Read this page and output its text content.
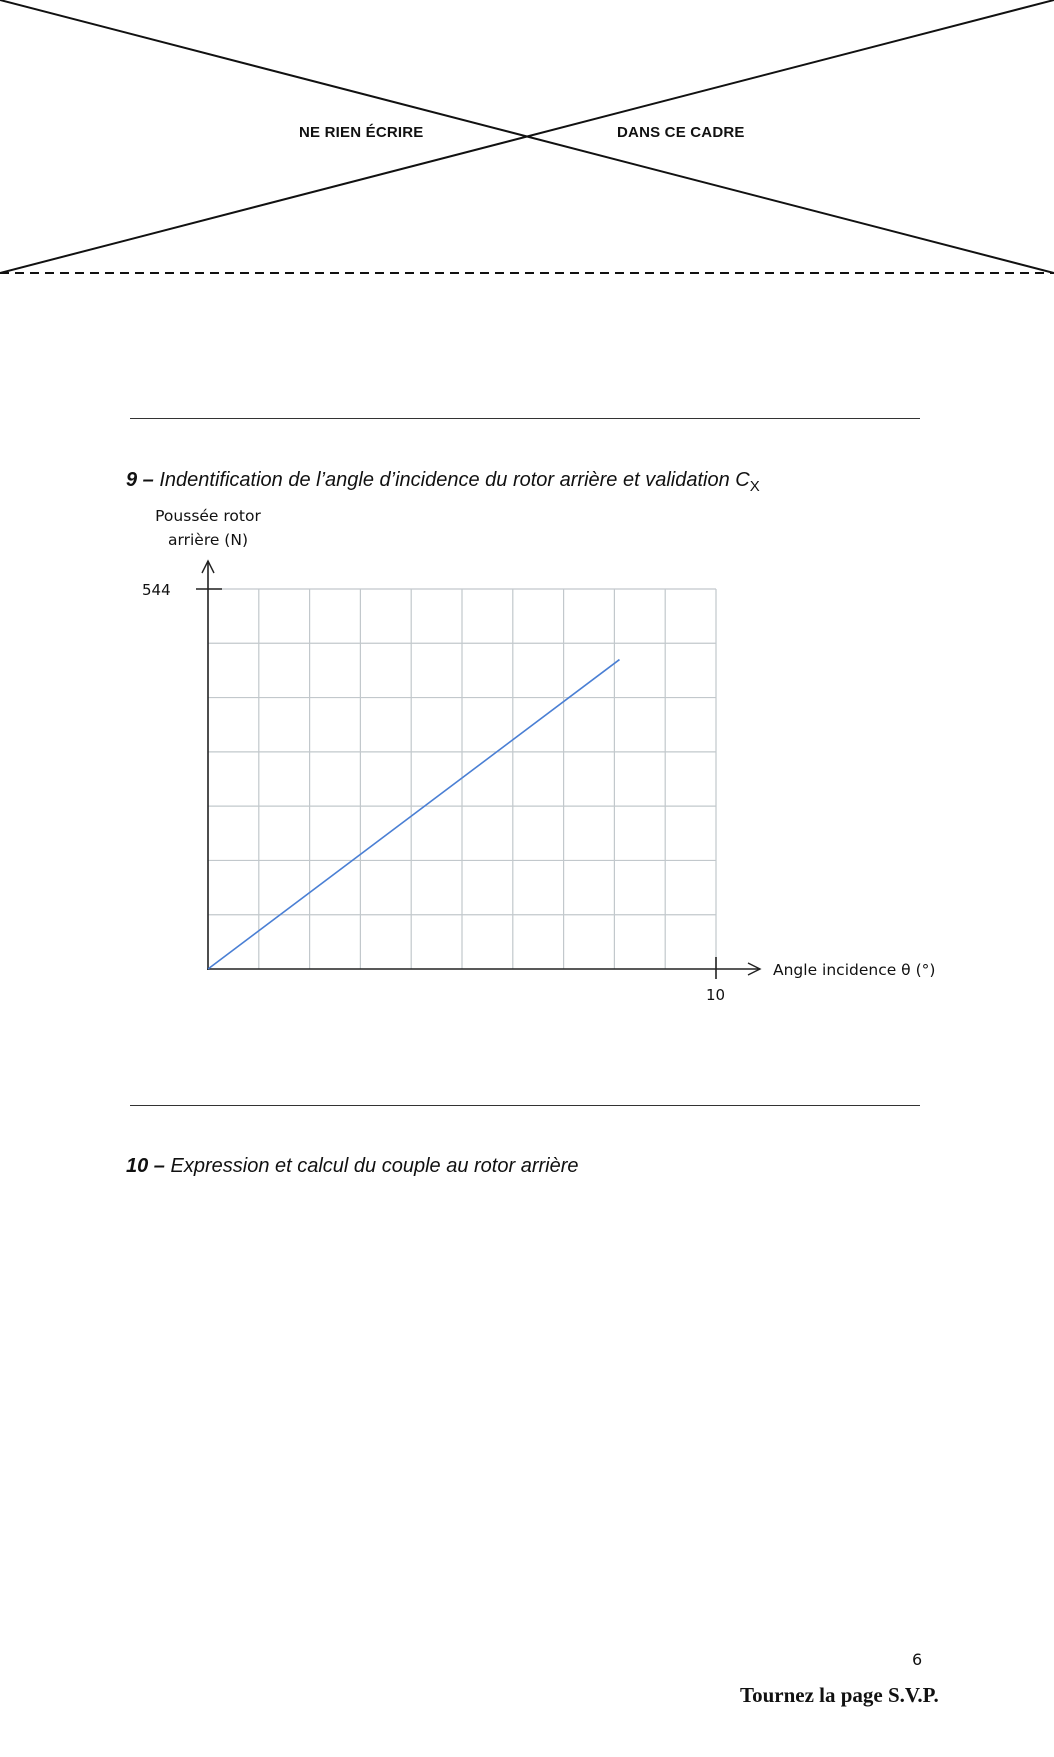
NE RIEN ÉCRIRE	DANS CE CADRE
9 – Indentification de l’angle d’incidence du rotor arrière et validation $C_X$
544
10
Poussée rotor
arrière (N)
Angle incidence θ (°)
10 – Expression et calcul du couple au rotor arrière
6
Tournez la page S.V.P.
